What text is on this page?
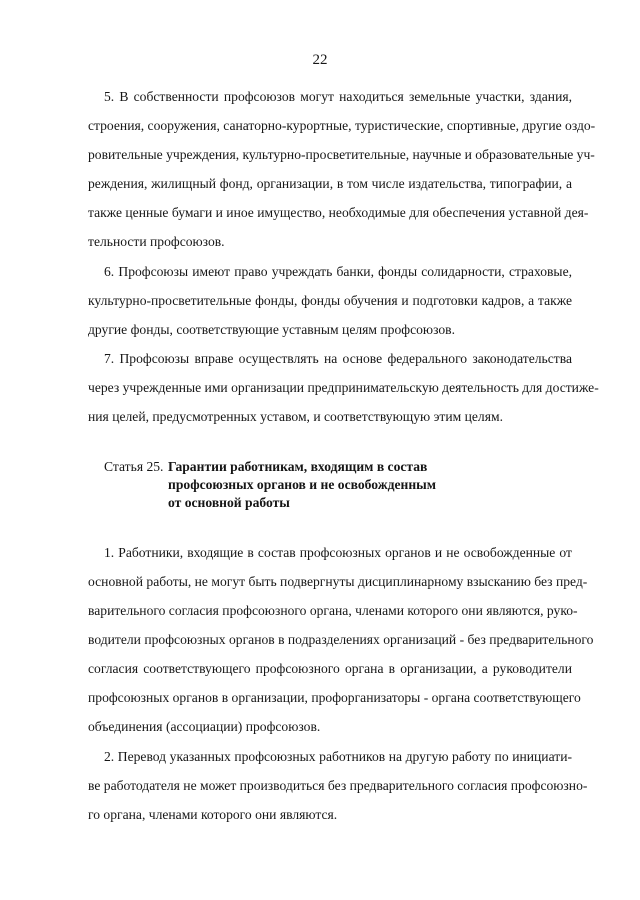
22
5. В собственности профсоюзов могут находиться земельные участки, здания,
строения, сооружения, санаторно-курортные, туристические, спортивные, другие оздо-
ровительные учреждения, культурно-просветительные, научные и образовательные уч-
реждения, жилищный фонд, организации, в том числе издательства, типографии, а
также ценные бумаги и иное имущество, необходимые для обеспечения уставной дея-
тельности профсоюзов.
6. Профсоюзы имеют право учреждать банки, фонды солидарности, страховые,
культурно-просветительные фонды, фонды обучения и подготовки кадров, а также
другие фонды, соответствующие уставным целям профсоюзов.
7. Профсоюзы вправе осуществлять на основе федерального законодательства
через учрежденные ими организации предпринимательскую деятельность для достиже-
ния целей, предусмотренных уставом, и соответствующую этим целям.
Статья 25. Гарантии работникам, входящим в состав
профсоюзных органов и не освобожденным
от основной работы
1. Работники, входящие в состав профсоюзных органов и не освобожденные от
основной работы, не могут быть подвергнуты дисциплинарному взысканию без пред-
варительного согласия профсоюзного органа, членами которого они являются, руко-
водители профсоюзных органов в подразделениях организаций - без предварительного
согласия соответствующего профсоюзного органа в организации, а руководители
профсоюзных органов в организации, профорганизаторы - органа соответствующего
объединения (ассоциации) профсоюзов.
2. Перевод указанных профсоюзных работников на другую работу по инициати-
ве работодателя не может производиться без предварительного согласия профсоюзно-
го органа, членами которого они являются.
